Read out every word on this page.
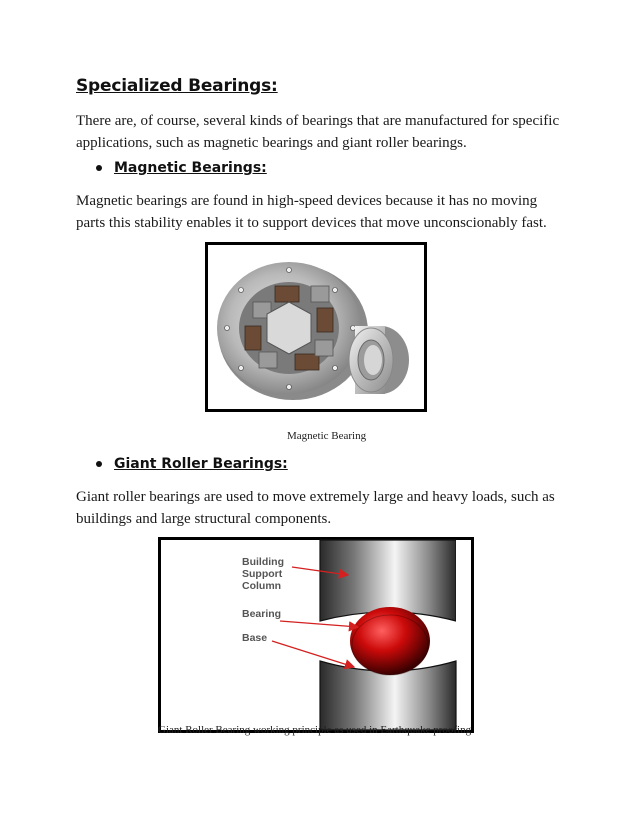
Specialized Bearings:

There are, of course, several kinds of bearings that are manufactured for specific applications, such as magnetic bearings and giant roller bearings.

Magnetic Bearings:

Magnetic bearings are found in high-speed devices because it has no moving parts this stability enables it to support devices that move unconscionably fast.

Magnetic Bearing
Giant Roller Bearings:

Giant roller bearings are used to move extremely large and heavy loads, such as buildings and large structural components.

Building
Support
Column
Bearing
Base
Giant Roller Bearing working principle as used in Earthquake proofing
